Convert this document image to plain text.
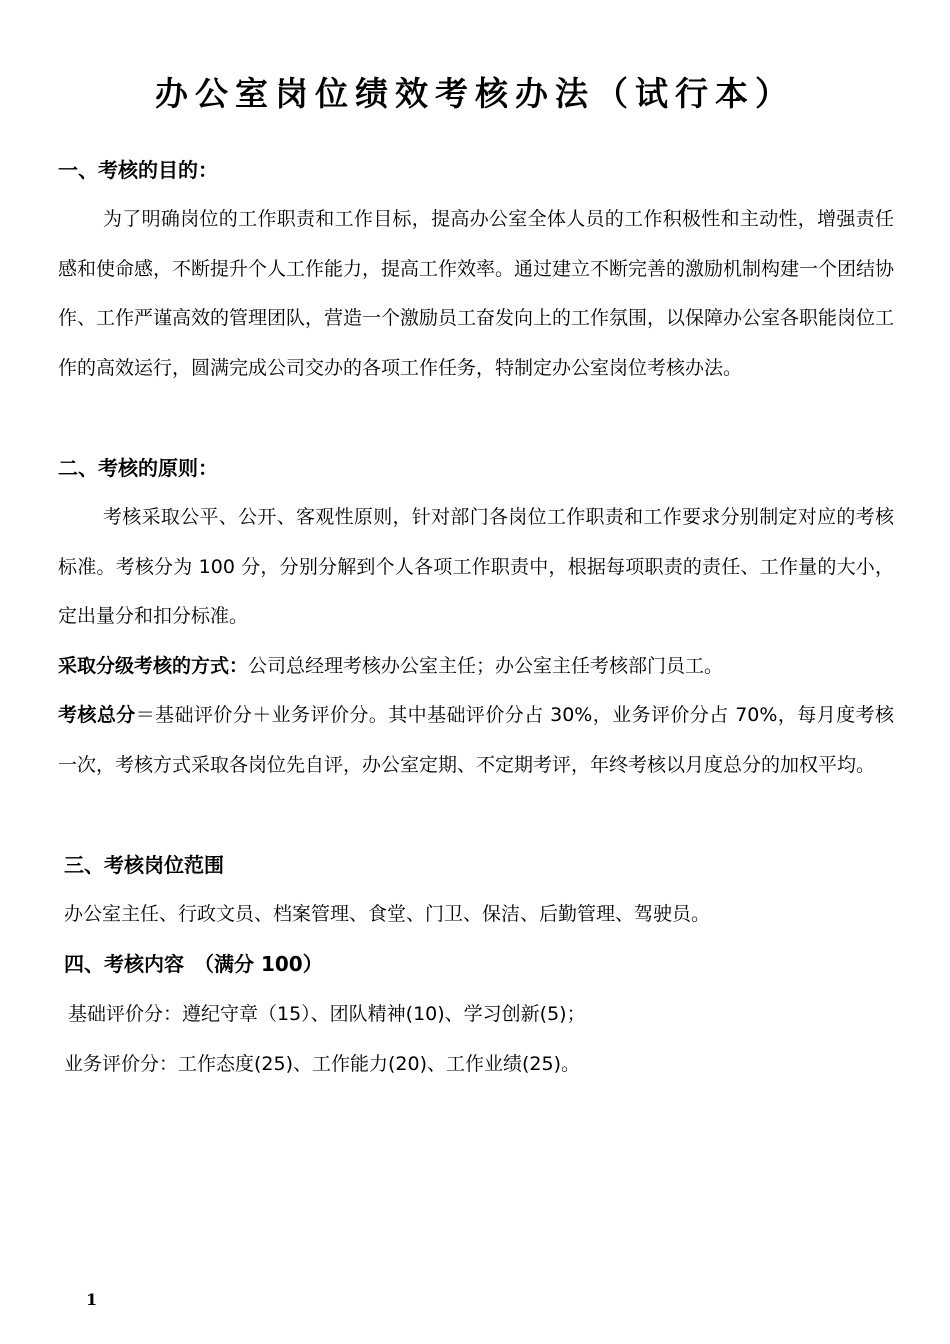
办公室岗位绩效考核办法（试行本）
一、考核的目的：
为了明确岗位的工作职责和工作目标，提高办公室全体人员的工作积极性和主动性，增强责任感和使命感，不断提升个人工作能力，提高工作效率。通过建立不断完善的激励机制构建一个团结协作、工作严谨高效的管理团队，营造一个激励员工奋发向上的工作氛围，以保障办公室各职能岗位工作的高效运行，圆满完成公司交办的各项工作任务，特制定办公室岗位考核办法。
二、考核的原则：
考核采取公平、公开、客观性原则，针对部门各岗位工作职责和工作要求分别制定对应的考核标准。考核分为 100 分，分别分解到个人各项工作职责中，根据每项职责的责任、工作量的大小，定出量分和扣分标准。
采取分级考核的方式：公司总经理考核办公室主任；办公室主任考核部门员工。
考核总分＝基础评价分＋业务评价分。其中基础评价分占 30%，业务评价分占 70%，每月度考核一次，考核方式采取各岗位先自评，办公室定期、不定期考评，年终考核以月度总分的加权平均。
三、考核岗位范围
办公室主任、行政文员、档案管理、食堂、门卫、保洁、后勤管理、驾驶员。
四、考核内容　（满分 100）
基础评价分：遵纪守章（15）、团队精神(10)、学习创新(5)；
业务评价分：工作态度(25)、工作能力(20)、工作业绩(25)。
1
